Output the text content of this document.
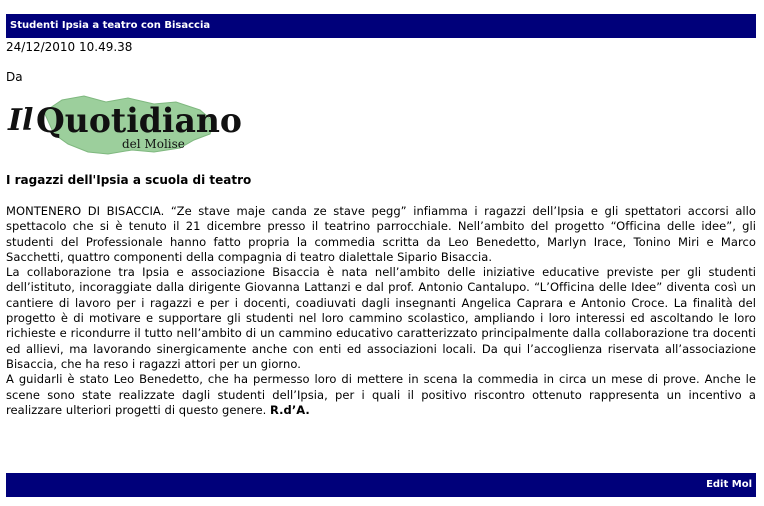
Studenti Ipsia a teatro con Bisaccia
24/12/2010 10.49.38
Da
Il Quotidiano
del Molise
I ragazzi dell'Ipsia a scuola di teatro

MONTENERO DI BISACCIA. “Ze stave maje canda ze stave pegg” infiamma i ragazzi dell’Ipsia e gli spettatori accorsi allo spettacolo che si è tenuto il 21 dicembre presso il teatrino parrocchiale. Nell’ambito del progetto “Officina delle idee”, gli studenti del Professionale hanno fatto propria la commedia scritta da Leo Benedetto, Marlyn Irace, Tonino Miri e Marco Sacchetti, quattro componenti della compagnia di teatro dialettale Sipario Bisaccia.

La collaborazione tra Ipsia e associazione Bisaccia è nata nell’ambito delle iniziative educative previste per gli studenti dell’istituto, incoraggiate dalla dirigente Giovanna Lattanzi e dal prof. Antonio Cantalupo. “L’Officina delle Idee” diventa così un cantiere di lavoro per i ragazzi e per i docenti, coadiuvati dagli insegnanti Angelica Caprara e Antonio Croce. La finalità del progetto è di motivare e supportare gli studenti nel loro cammino scolastico, ampliando i loro interessi ed ascoltando le loro richieste e ricondurre il tutto nell’ambito di un cammino educativo caratterizzato principalmente dalla collaborazione tra docenti ed allievi, ma lavorando sinergicamente anche con enti ed associazioni locali. Da qui l’accoglienza riservata all’associazione Bisaccia, che ha reso i ragazzi attori per un giorno.

A guidarli è stato Leo Benedetto, che ha permesso loro di mettere in scena la commedia in circa un mese di prove. Anche le scene sono state realizzate dagli studenti dell’Ipsia, per i quali il positivo riscontro ottenuto rappresenta un incentivo a realizzare ulteriori progetti di questo genere. R.d’A.

Edit Mol
